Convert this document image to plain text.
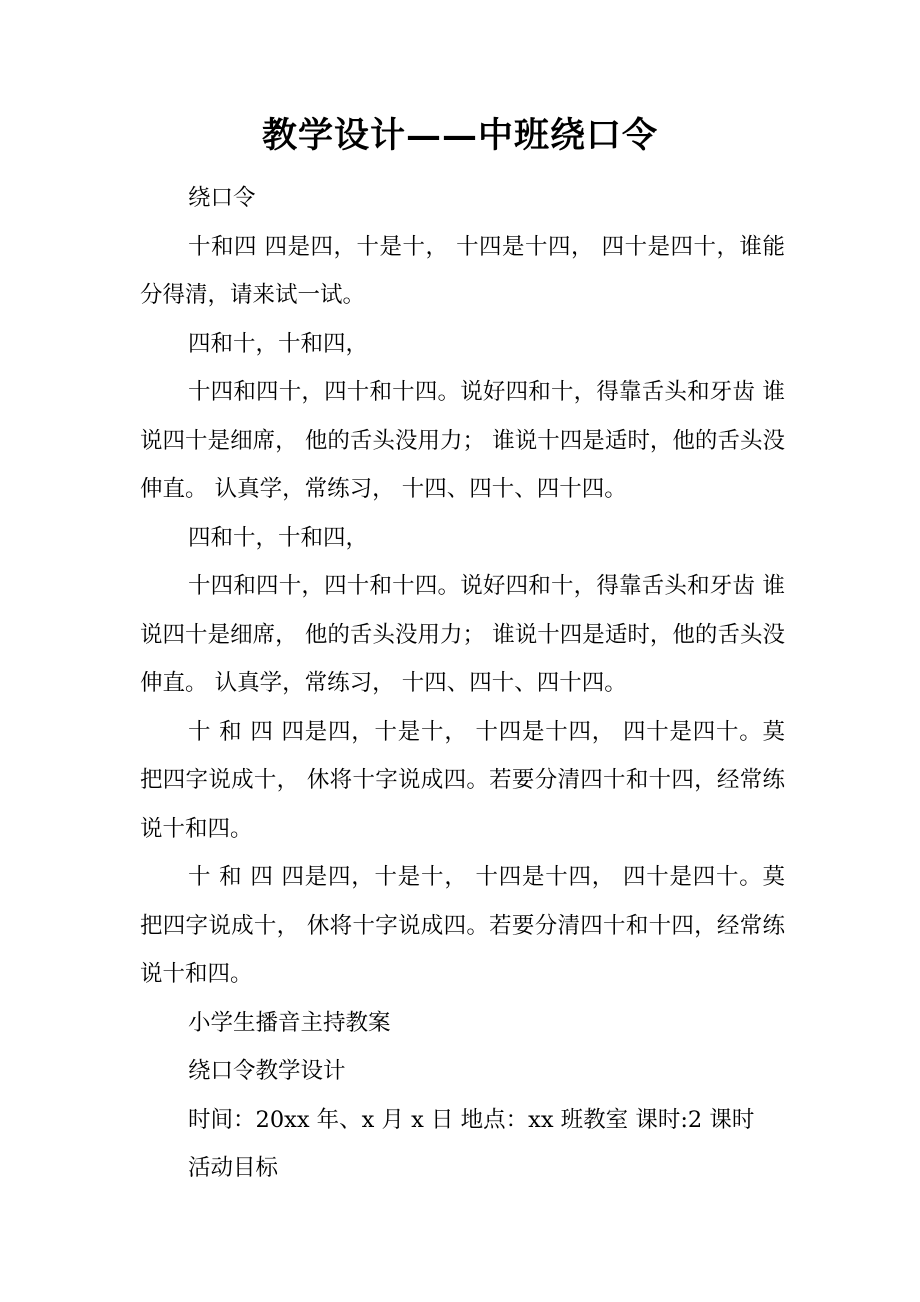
教学设计——中班绕口令

绕口令

十和四 四是四，十是十， 十四是十四， 四十是四十，谁能分得清，请来试一试。

四和十，十和四，

十四和四十，四十和十四。说好四和十，得靠舌头和牙齿 谁说四十是细席， 他的舌头没用力； 谁说十四是适时，他的舌头没伸直。 认真学，常练习， 十四、四十、四十四。

四和十，十和四，

十四和四十，四十和十四。说好四和十，得靠舌头和牙齿 谁说四十是细席， 他的舌头没用力； 谁说十四是适时，他的舌头没伸直。 认真学，常练习， 十四、四十、四十四。

十 和 四 四是四，十是十， 十四是十四， 四十是四十。莫把四字说成十， 休将十字说成四。若要分清四十和十四，经常练说十和四。

十 和 四 四是四，十是十， 十四是十四， 四十是四十。莫把四字说成十， 休将十字说成四。若要分清四十和十四，经常练说十和四。

小学生播音主持教案

绕口令教学设计

时间：20xx 年、x 月 x 日 地点：xx 班教室 课时:2 课时

活动目标
